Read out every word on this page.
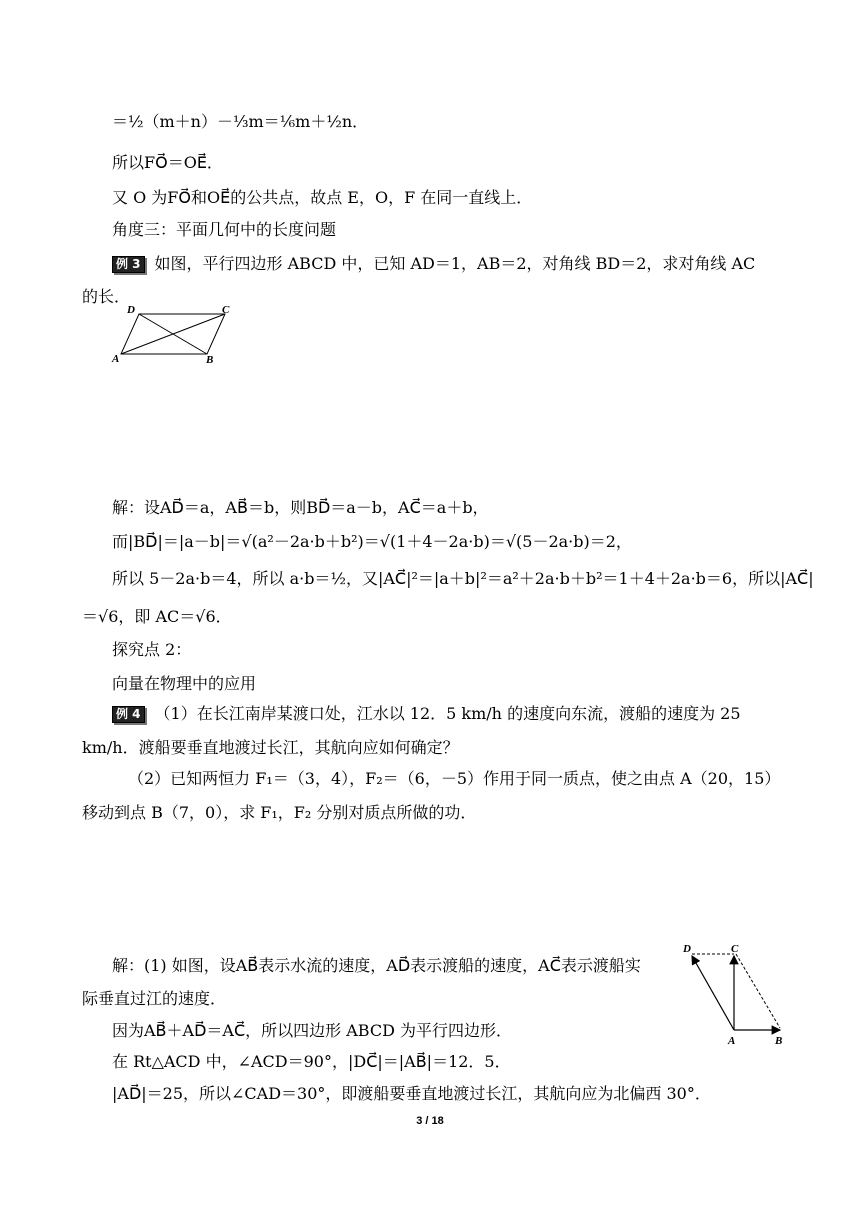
＝½（m＋n）－⅓m＝⅙m＋½n．
所以FO⃗＝OE⃗．
又 O 为FO⃗和OE⃗的公共点，故点 E，O，F 在同一直线上．
角度三：平面几何中的长度问题
例 3 如图，平行四边形 ABCD 中，已知 AD＝1，AB＝2，对角线 BD＝2，求对角线 AC
的长．
D	C
A	B
解：设AD⃗＝a，AB⃗＝b，则BD⃗＝a－b，AC⃗＝a＋b，
而|BD⃗|＝|a－b|＝√(a²－2a·b＋b²)＝√(1＋4－2a·b)＝√(5－2a·b)＝2，
所以 5－2a·b＝4，所以 a·b＝½，又|AC⃗|²＝|a＋b|²＝a²＋2a·b＋b²＝1＋4＋2a·b＝6，所以|AC⃗|
＝√6，即 AC＝√6．
探究点 2：
向量在物理中的应用
例 4 （1）在长江南岸某渡口处，江水以 12．5 km/h 的速度向东流，渡船的速度为 25
km/h．渡船要垂直地渡过长江，其航向应如何确定？
（2）已知两恒力 F₁＝（3，4），F₂＝（6，－5）作用于同一质点，使之由点 A（20，15）
移动到点 B（7，0），求 F₁，F₂ 分别对质点所做的功．
解：(1) 如图，设AB⃗表示水流的速度，AD⃗表示渡船的速度，AC⃗表示渡船实
际垂直过江的速度．
因为AB⃗＋AD⃗＝AC⃗，所以四边形 ABCD 为平行四边形．
在 Rt△ACD 中，∠ACD＝90°，|DC⃗|＝|AB⃗|＝12．5．
|AD⃗|＝25，所以∠CAD＝30°，即渡船要垂直地渡过长江，其航向应为北偏西 30°．
D	C
A	B
3 / 18
